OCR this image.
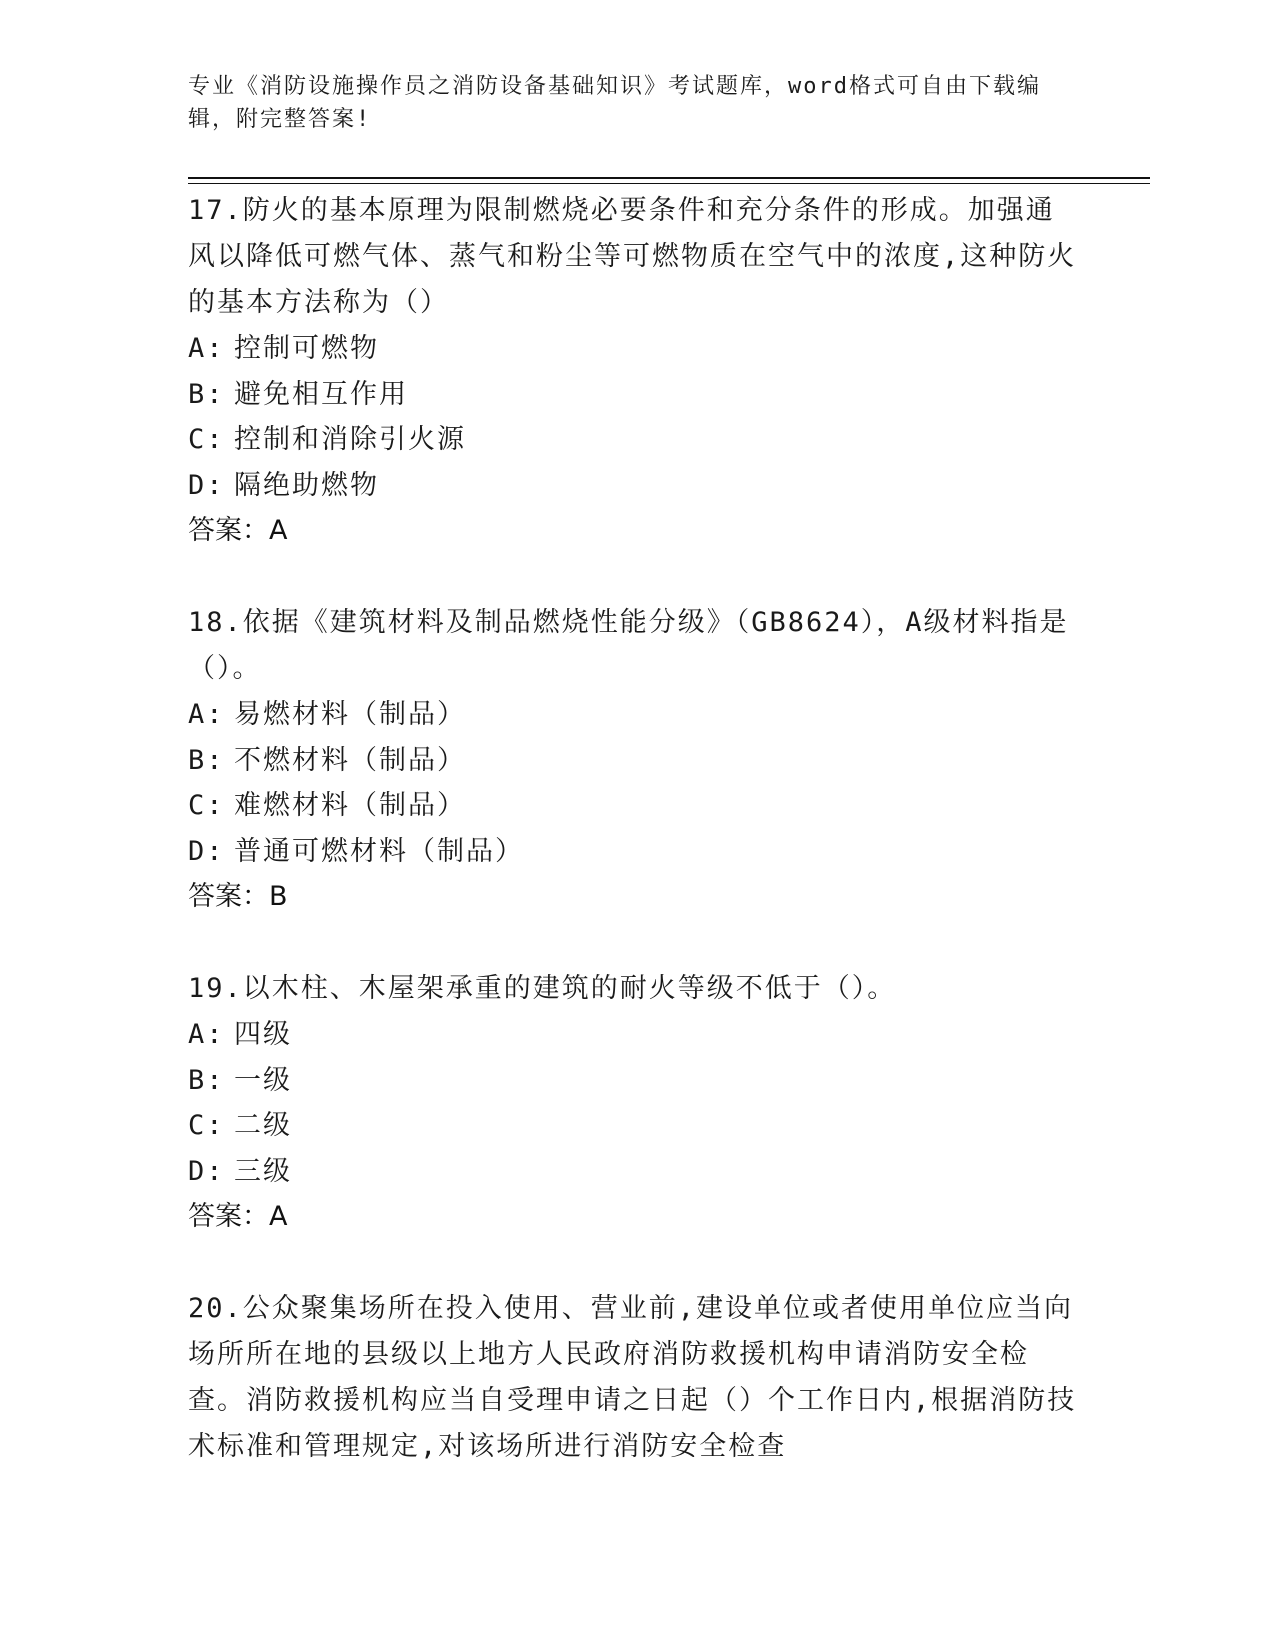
专业《消防设施操作员之消防设备基础知识》考试题库，word格式可自由下载编辑，附完整答案!

17.防火的基本原理为限制燃烧必要条件和充分条件的形成。加强通风以降低可燃气体、蒸气和粉尘等可燃物质在空气中的浓度,这种防火的基本方法称为（）

A: 控制可燃物

B: 避免相互作用

C: 控制和消除引火源

D: 隔绝助燃物

答案：A

18.依据《建筑材料及制品燃烧性能分级》（GB8624），A级材料指是（）。

A: 易燃材料（制品）

B: 不燃材料（制品）

C: 难燃材料（制品）

D: 普通可燃材料（制品）

答案：B

19.以木柱、木屋架承重的建筑的耐火等级不低于（）。

A: 四级

B: 一级

C: 二级

D: 三级

答案：A

20.公众聚集场所在投入使用、营业前,建设单位或者使用单位应当向场所所在地的县级以上地方人民政府消防救援机构申请消防安全检查。消防救援机构应当自受理申请之日起（）个工作日内,根据消防技术标准和管理规定,对该场所进行消防安全检查
